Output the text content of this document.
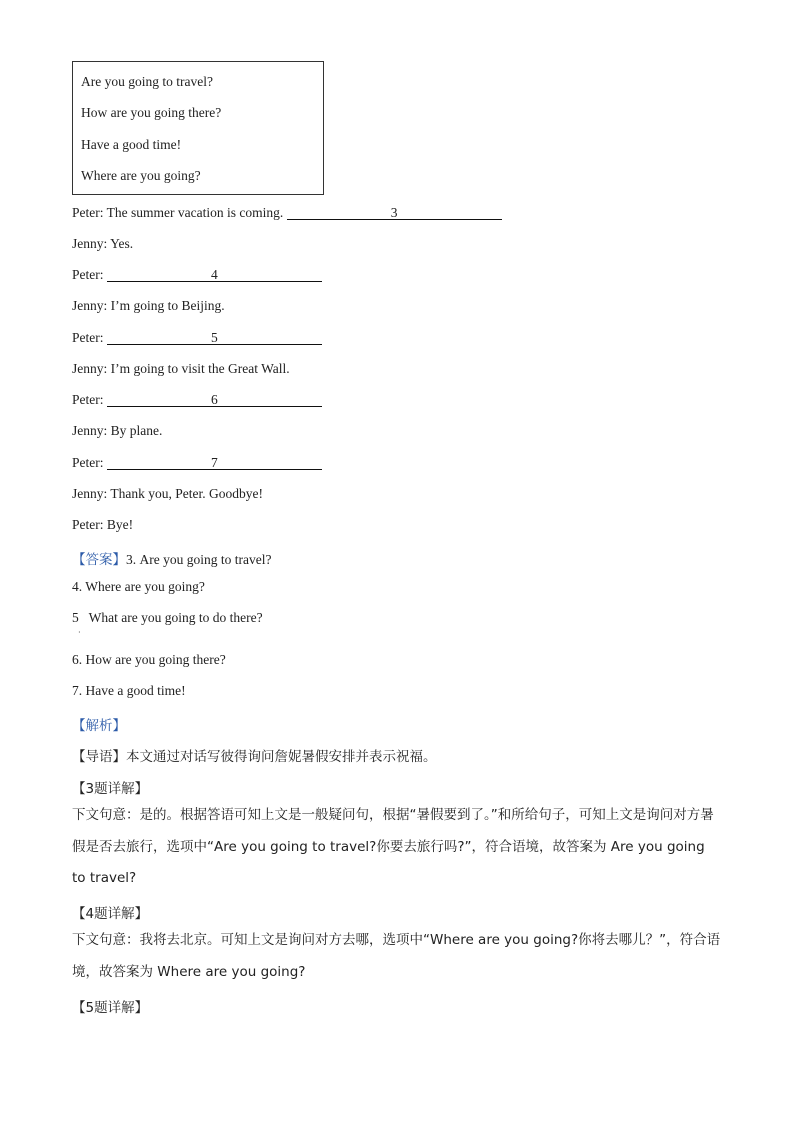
Are you going to travel?
How are you going there?
Have a good time!
Where are you going?
Peter: The summer vacation is coming.	3
Jenny: Yes.
Peter:	4
Jenny: I’m going to Beijing.
Peter:	5
Jenny: I’m going to visit the Great Wall.
Peter:	6
Jenny: By plane.
Peter:	7
Jenny: Thank you, Peter. Goodbye!
Peter: Bye!
【答案】3. Are you going to travel?
4. Where are you going?
5   What are you going to do there?
·
6. How are you going there?
7. Have a good time!
【解析】
【导语】本文通过对话写彼得询问詹妮暑假安排并表示祝福。
【3题详解】
下文句意：是的。根据答语可知上文是一般疑问句，根据“暑假要到了。”和所给句子，可知上文是询问对方暑假是否去旅行，选项中“Are you going to travel?你要去旅行吗?”，符合语境，故答案为 Are you going to travel?
【4题详解】
下文句意：我将去北京。可知上文是询问对方去哪，选项中“Where are you going?你将去哪儿？”，符合语境，故答案为 Where are you going?
【5题详解】
